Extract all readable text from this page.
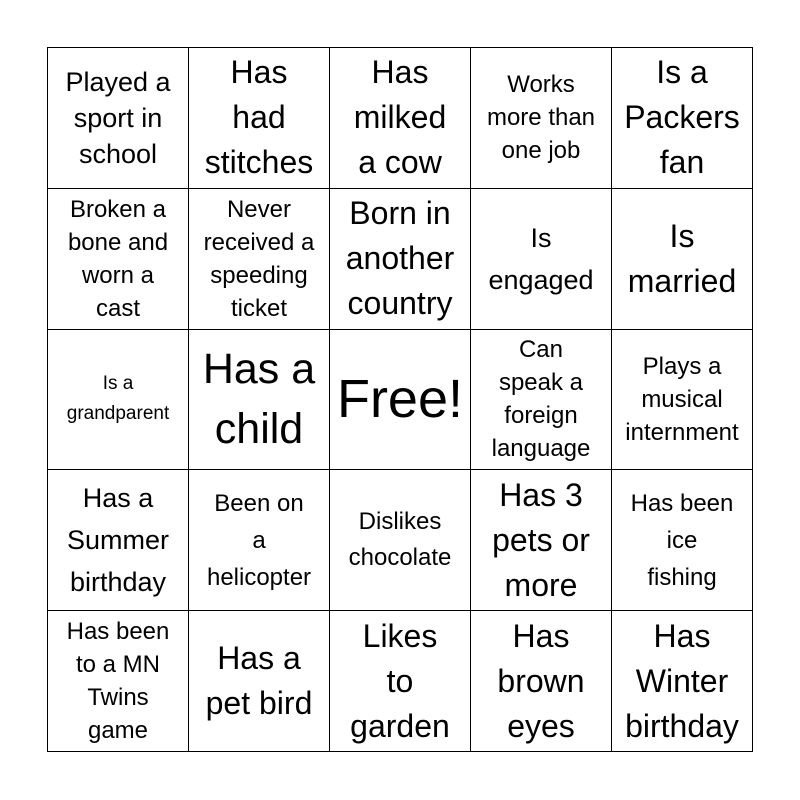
Played a
sport in
school
Has
had
stitches
Has
milked
a cow
Works
more than
one job
Is a
Packers
fan
Broken a
bone and
worn a
cast
Never
received a
speeding
ticket
Born in
another
country
Is
engaged
Is
married
Is a
grandparent
Has a
child Free!
Can
speak a
foreign
language
Plays a
musical
internment
Has a
Summer
birthday
Been on
a
helicopter
Dislikes
chocolate
Has 3
pets or
more
Has been
ice
fishing
Has been
to a MN
Twins
game
Has a
pet bird
Likes
to
garden
Has
brown
eyes
Has
Winter
birthday
